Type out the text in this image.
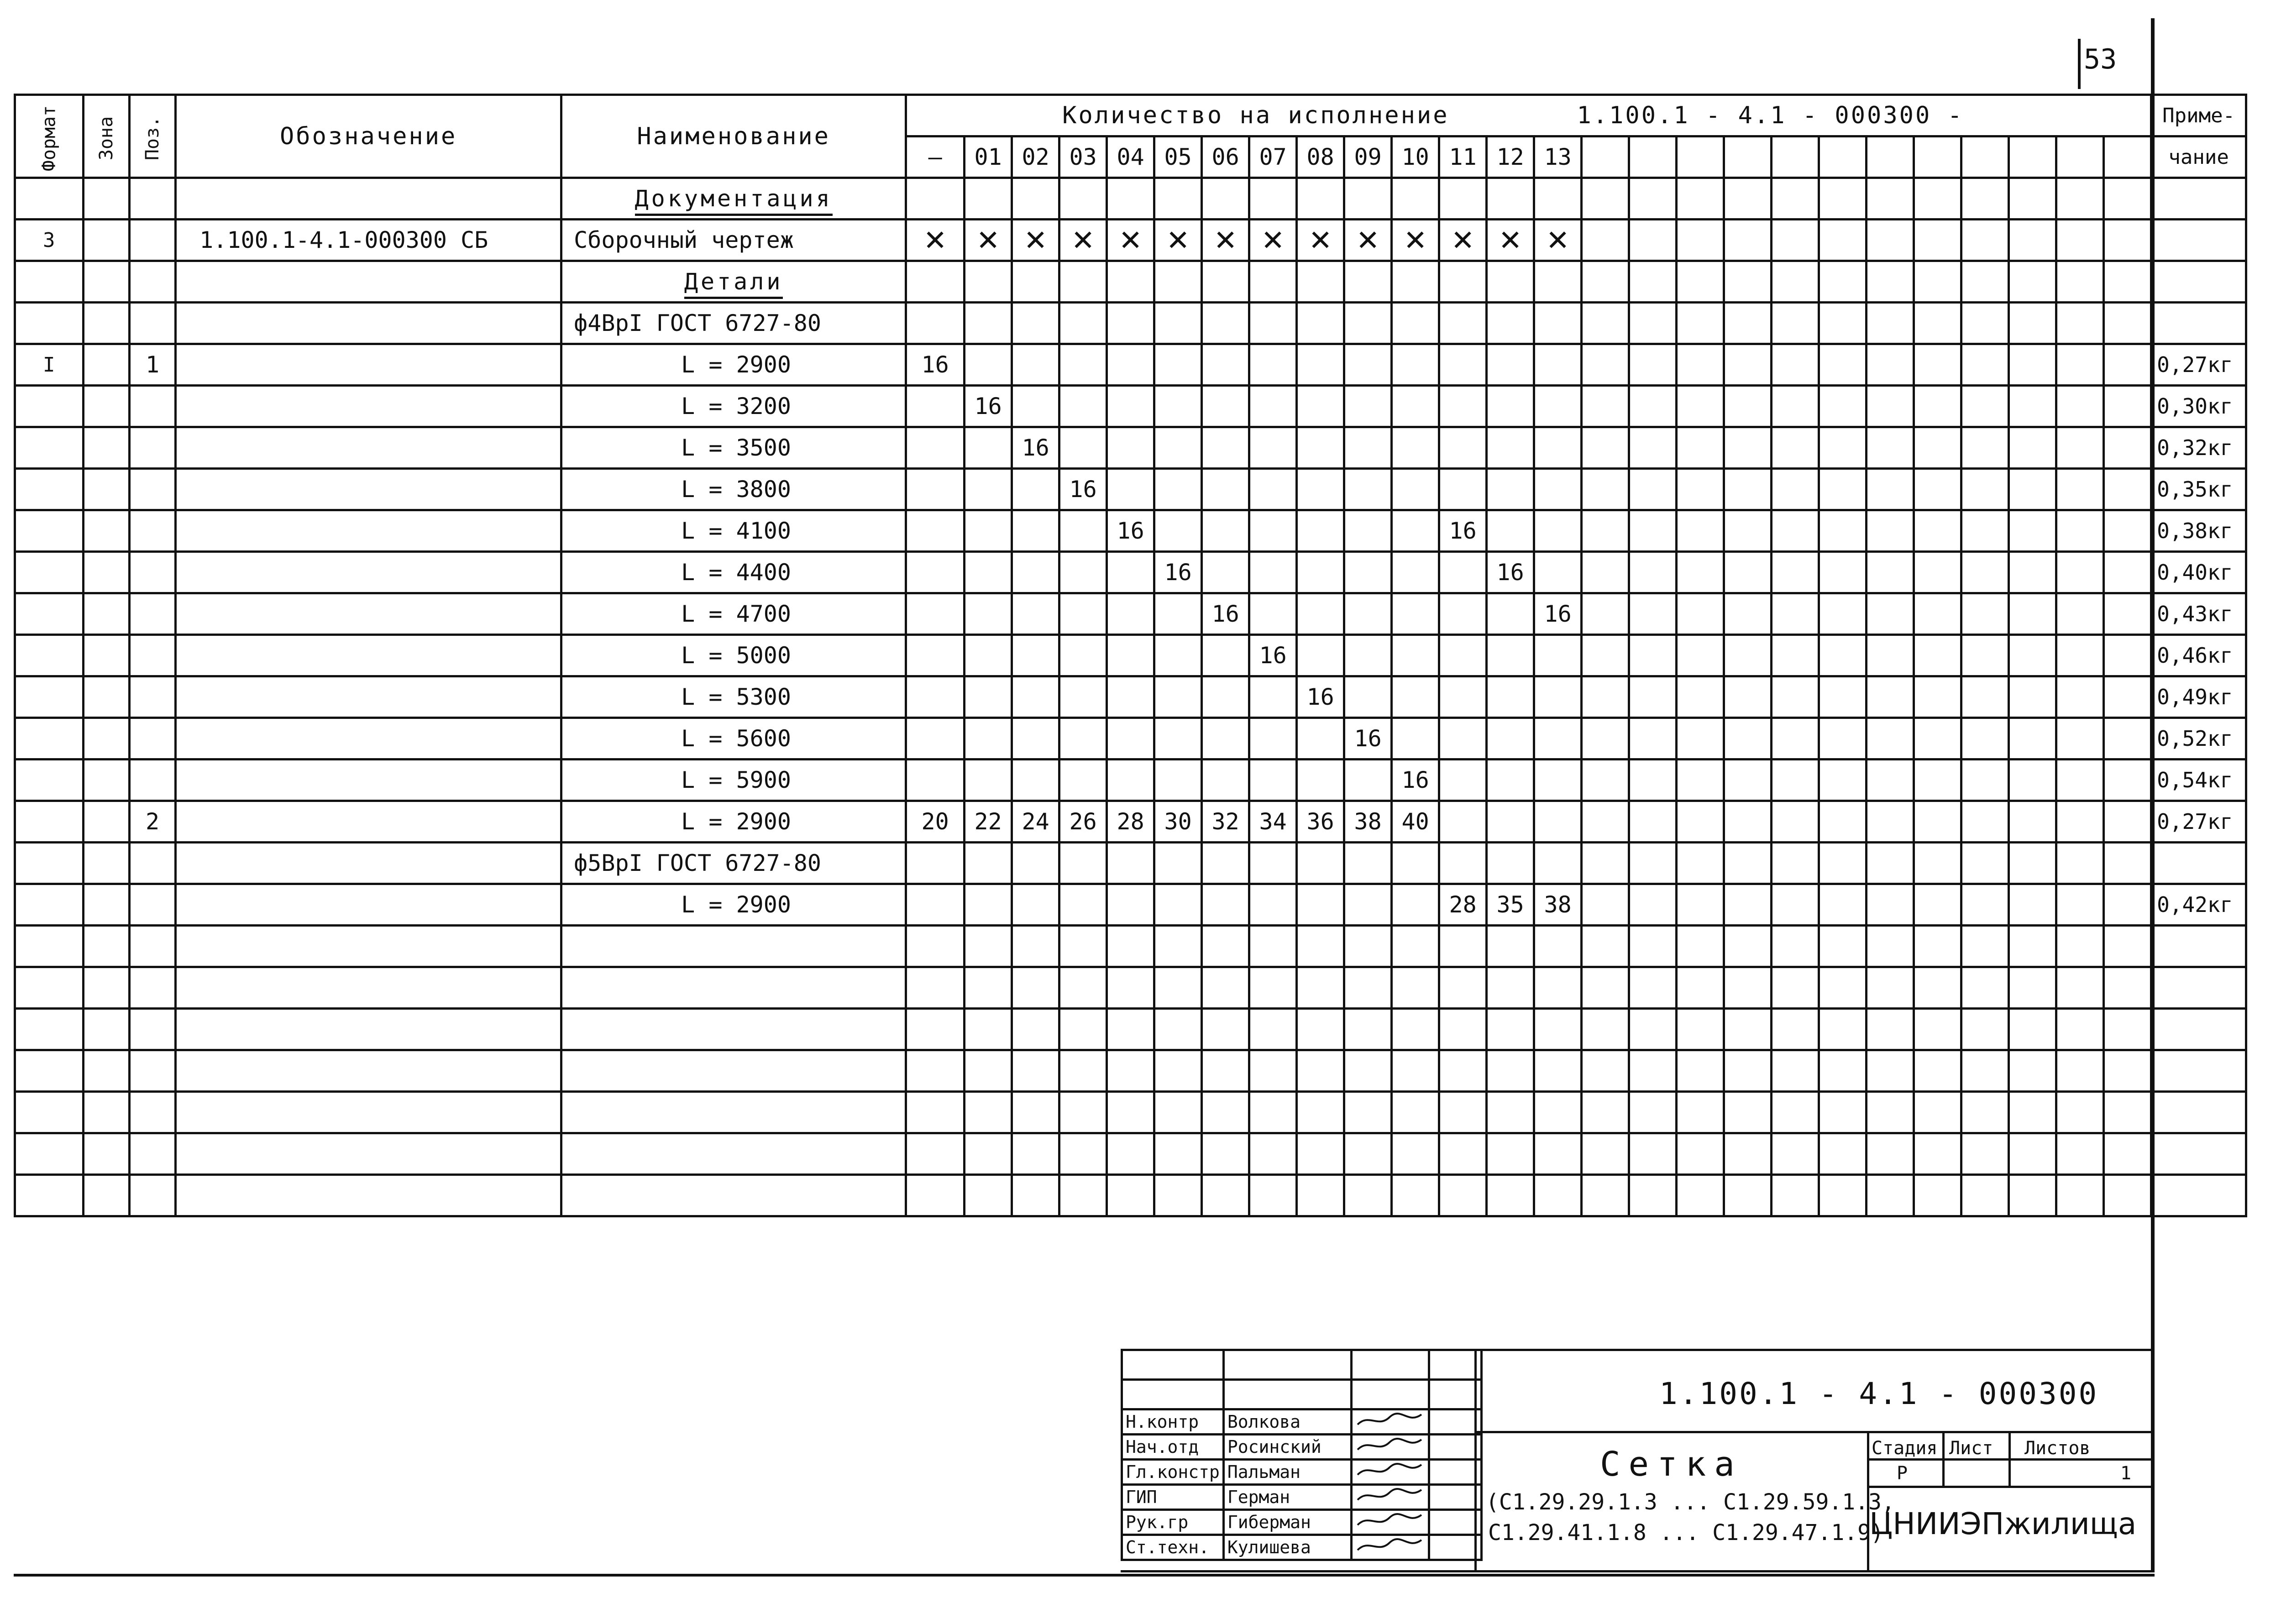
53
Формат	Зона	Поз.	Обозначение	Наименование	Количество на исполнение 1.100.1 - 4.1 - 000300 -																										Приме-
					—	01	02	03	04	05	06	07	08	09	10	11	12	13													чание
				Документация																											
3			1.100.1-4.1-000300 СБ	Сборочный чертеж	✕	✕	✕	✕	✕	✕	✕	✕	✕	✕	✕	✕	✕	✕													
				Детали																											
				ф4ВрI ГОСТ 6727-80																											
I		1		L = 2900	16																										0,27кг
				L = 3200		16																									0,30кг
				L = 3500			16																								0,32кг
				L = 3800				16																							0,35кг
				L = 4100					16							16															0,38кг
				L = 4400						16							16														0,40кг
				L = 4700							16							16													0,43кг
				L = 5000								16																			0,46кг
				L = 5300									16																		0,49кг
				L = 5600										16																	0,52кг
				L = 5900											16																0,54кг
		2		L = 2900	20	22	24	26	28	30	32	34	36	38	40																0,27кг
				ф5ВрI ГОСТ 6727-80																											
				L = 2900												28	35	38													0,42кг

Н.контр	Волкова		
Нач.отд	Росинский		
Гл.констр	Пальман		
ГИП	Герман		
Рук.гр	Гиберман		
Ст.техн.	Кулишева		
1.100.1 - 4.1 - 000300
Сетка
(С1.29.29.1.3 ... С1.29.59.1.3,
С1.29.41.1.8 ... С1.29.47.1.9)
Стадия Лист Листов
Р	1
ЦНИИЭПжилища
